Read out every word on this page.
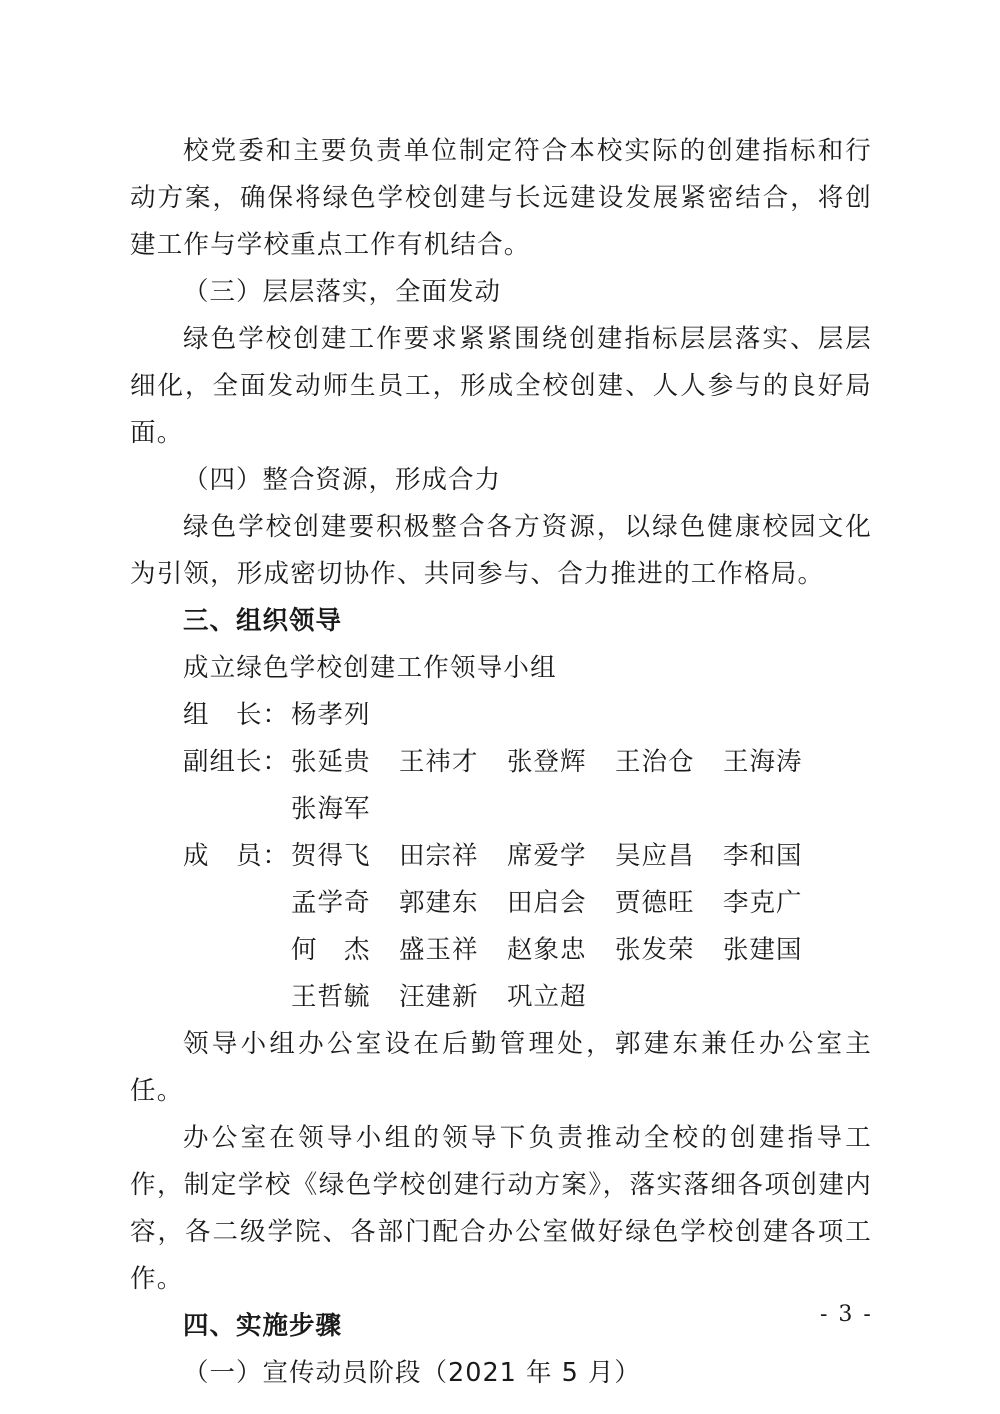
校党委和主要负责单位制定符合本校实际的创建指标和行动方案，确保将绿色学校创建与长远建设发展紧密结合，将创建工作与学校重点工作有机结合。

（三）层层落实，全面发动

绿色学校创建工作要求紧紧围绕创建指标层层落实、层层细化，全面发动师生员工，形成全校创建、人人参与的良好局面。

（四）整合资源，形成合力

绿色学校创建要积极整合各方资源，以绿色健康校园文化为引领，形成密切协作、共同参与、合力推进的工作格局。

三、组织领导

成立绿色学校创建工作领导小组

组　长： 杨孝列
副组长： 张延贵 王祎才 张登辉 王治仓 王海涛
张海军
成　员： 贺得飞 田宗祥 席爱学 吴应昌 李和国
孟学奇 郭建东 田启会 贾德旺 李克广
何　杰 盛玉祥 赵象忠 张发荣 张建国
王哲毓 汪建新 巩立超

领导小组办公室设在后勤管理处，郭建东兼任办公室主任。

办公室在领导小组的领导下负责推动全校的创建指导工作，制定学校《绿色学校创建行动方案》，落实落细各项创建内容，各二级学院、各部门配合办公室做好绿色学校创建各项工作。

四、实施步骤

（一）宣传动员阶段（2021 年 5 月）

- 3 -
